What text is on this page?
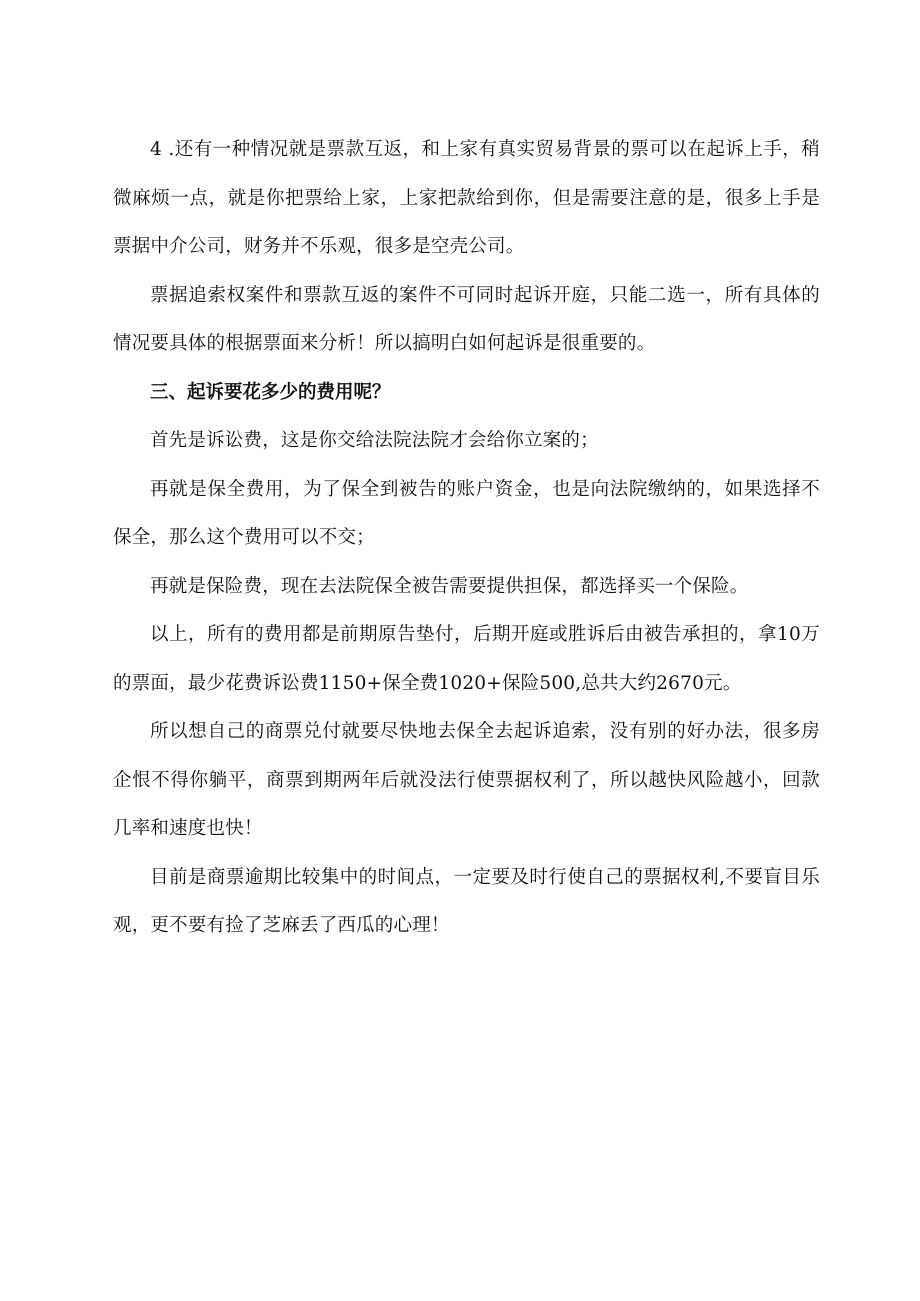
4 .还有一种情况就是票款互返，和上家有真实贸易背景的票可以在起诉上手，稍微麻烦一点，就是你把票给上家，上家把款给到你，但是需要注意的是，很多上手是票据中介公司，财务并不乐观，很多是空壳公司。

票据追索权案件和票款互返的案件不可同时起诉开庭，只能二选一，所有具体的情况要具体的根据票面来分析！所以搞明白如何起诉是很重要的。

三、起诉要花多少的费用呢？

首先是诉讼费，这是你交给法院法院才会给你立案的；

再就是保全费用，为了保全到被告的账户资金，也是向法院缴纳的，如果选择不保全，那么这个费用可以不交；

再就是保险费，现在去法院保全被告需要提供担保，都选择买一个保险。

以上，所有的费用都是前期原告垫付，后期开庭或胜诉后由被告承担的，拿10万的票面，最少花费诉讼费1150+保全费1020+保险500,总共大约2670元。

所以想自己的商票兑付就要尽快地去保全去起诉追索，没有别的好办法，很多房企恨不得你躺平，商票到期两年后就没法行使票据权利了，所以越快风险越小，回款几率和速度也快！

目前是商票逾期比较集中的时间点，一定要及时行使自己的票据权利,不要盲目乐观，更不要有捡了芝麻丢了西瓜的心理！
